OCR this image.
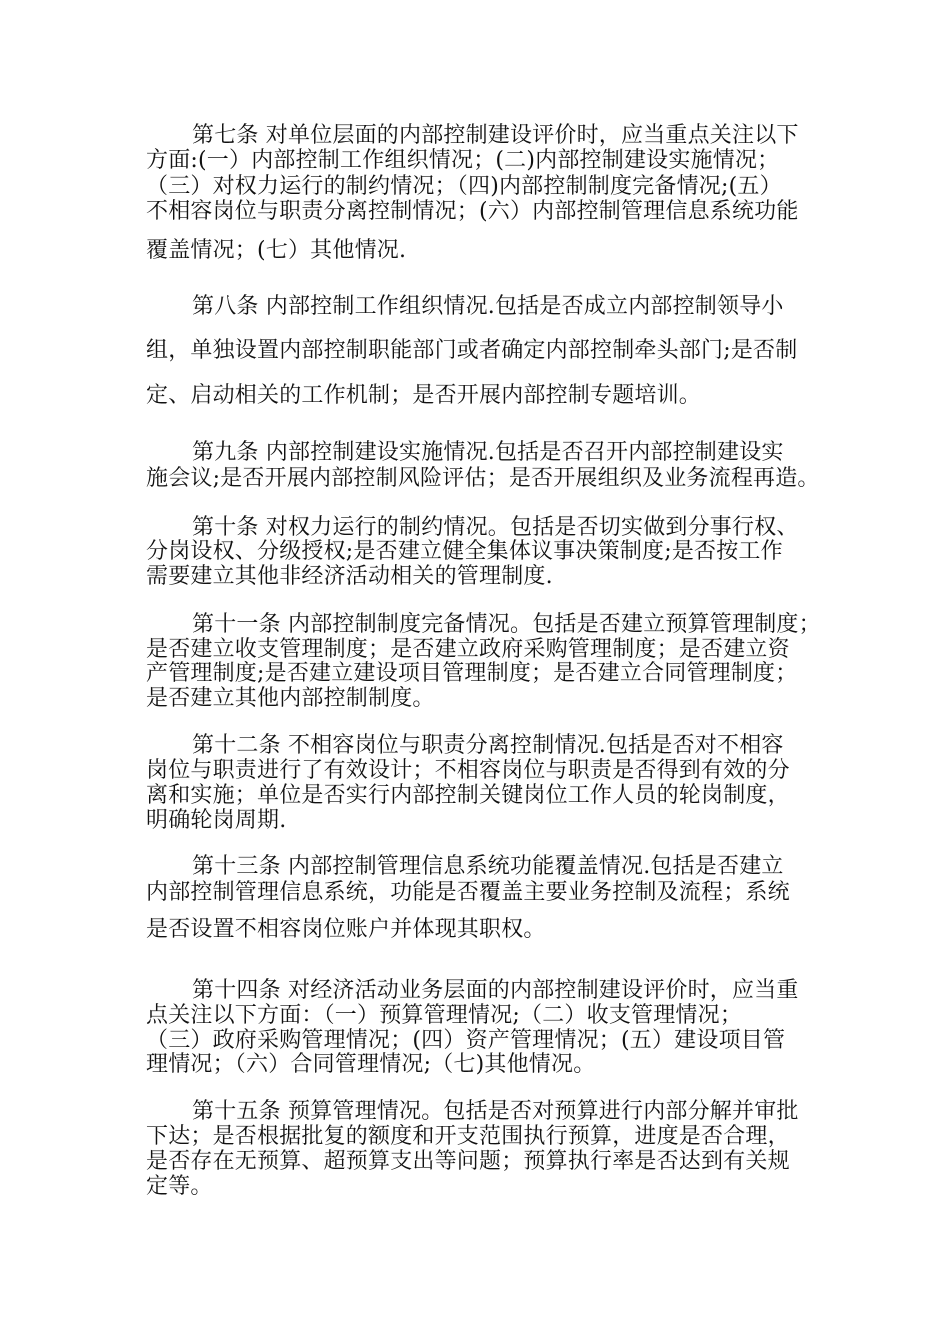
第七条 对单位层面的内部控制建设评价时，应当重点关注以下
方面:(一）内部控制工作组织情况；(二)内部控制建设实施情况；
（三）对权力运行的制约情况；（四)内部控制制度完备情况;(五）
不相容岗位与职责分离控制情况；(六）内部控制管理信息系统功能
覆盖情况；(七）其他情况.
第八条 内部控制工作组织情况.包括是否成立内部控制领导小
组，单独设置内部控制职能部门或者确定内部控制牵头部门;是否制
定、启动相关的工作机制；是否开展内部控制专题培训。
第九条 内部控制建设实施情况.包括是否召开内部控制建设实
施会议;是否开展内部控制风险评估；是否开展组织及业务流程再造。
第十条 对权力运行的制约情况。包括是否切实做到分事行权、
分岗设权、分级授权;是否建立健全集体议事决策制度;是否按工作
需要建立其他非经济活动相关的管理制度.
第十一条 内部控制制度完备情况。包括是否建立预算管理制度；
是否建立收支管理制度；是否建立政府采购管理制度；是否建立资
产管理制度;是否建立建设项目管理制度；是否建立合同管理制度；
是否建立其他内部控制制度。
第十二条 不相容岗位与职责分离控制情况.包括是否对不相容
岗位与职责进行了有效设计；不相容岗位与职责是否得到有效的分
离和实施；单位是否实行内部控制关键岗位工作人员的轮岗制度，
明确轮岗周期.
第十三条 内部控制管理信息系统功能覆盖情况.包括是否建立
内部控制管理信息系统，功能是否覆盖主要业务控制及流程；系统
是否设置不相容岗位账户并体现其职权。
第十四条 对经济活动业务层面的内部控制建设评价时，应当重
点关注以下方面：（一）预算管理情况;（二）收支管理情况；
（三）政府采购管理情况；(四）资产管理情况；(五）建设项目管
理情况；（六）合同管理情况;（七)其他情况。
第十五条 预算管理情况。包括是否对预算进行内部分解并审批
下达；是否根据批复的额度和开支范围执行预算，进度是否合理，
是否存在无预算、超预算支出等问题；预算执行率是否达到有关规
定等。
